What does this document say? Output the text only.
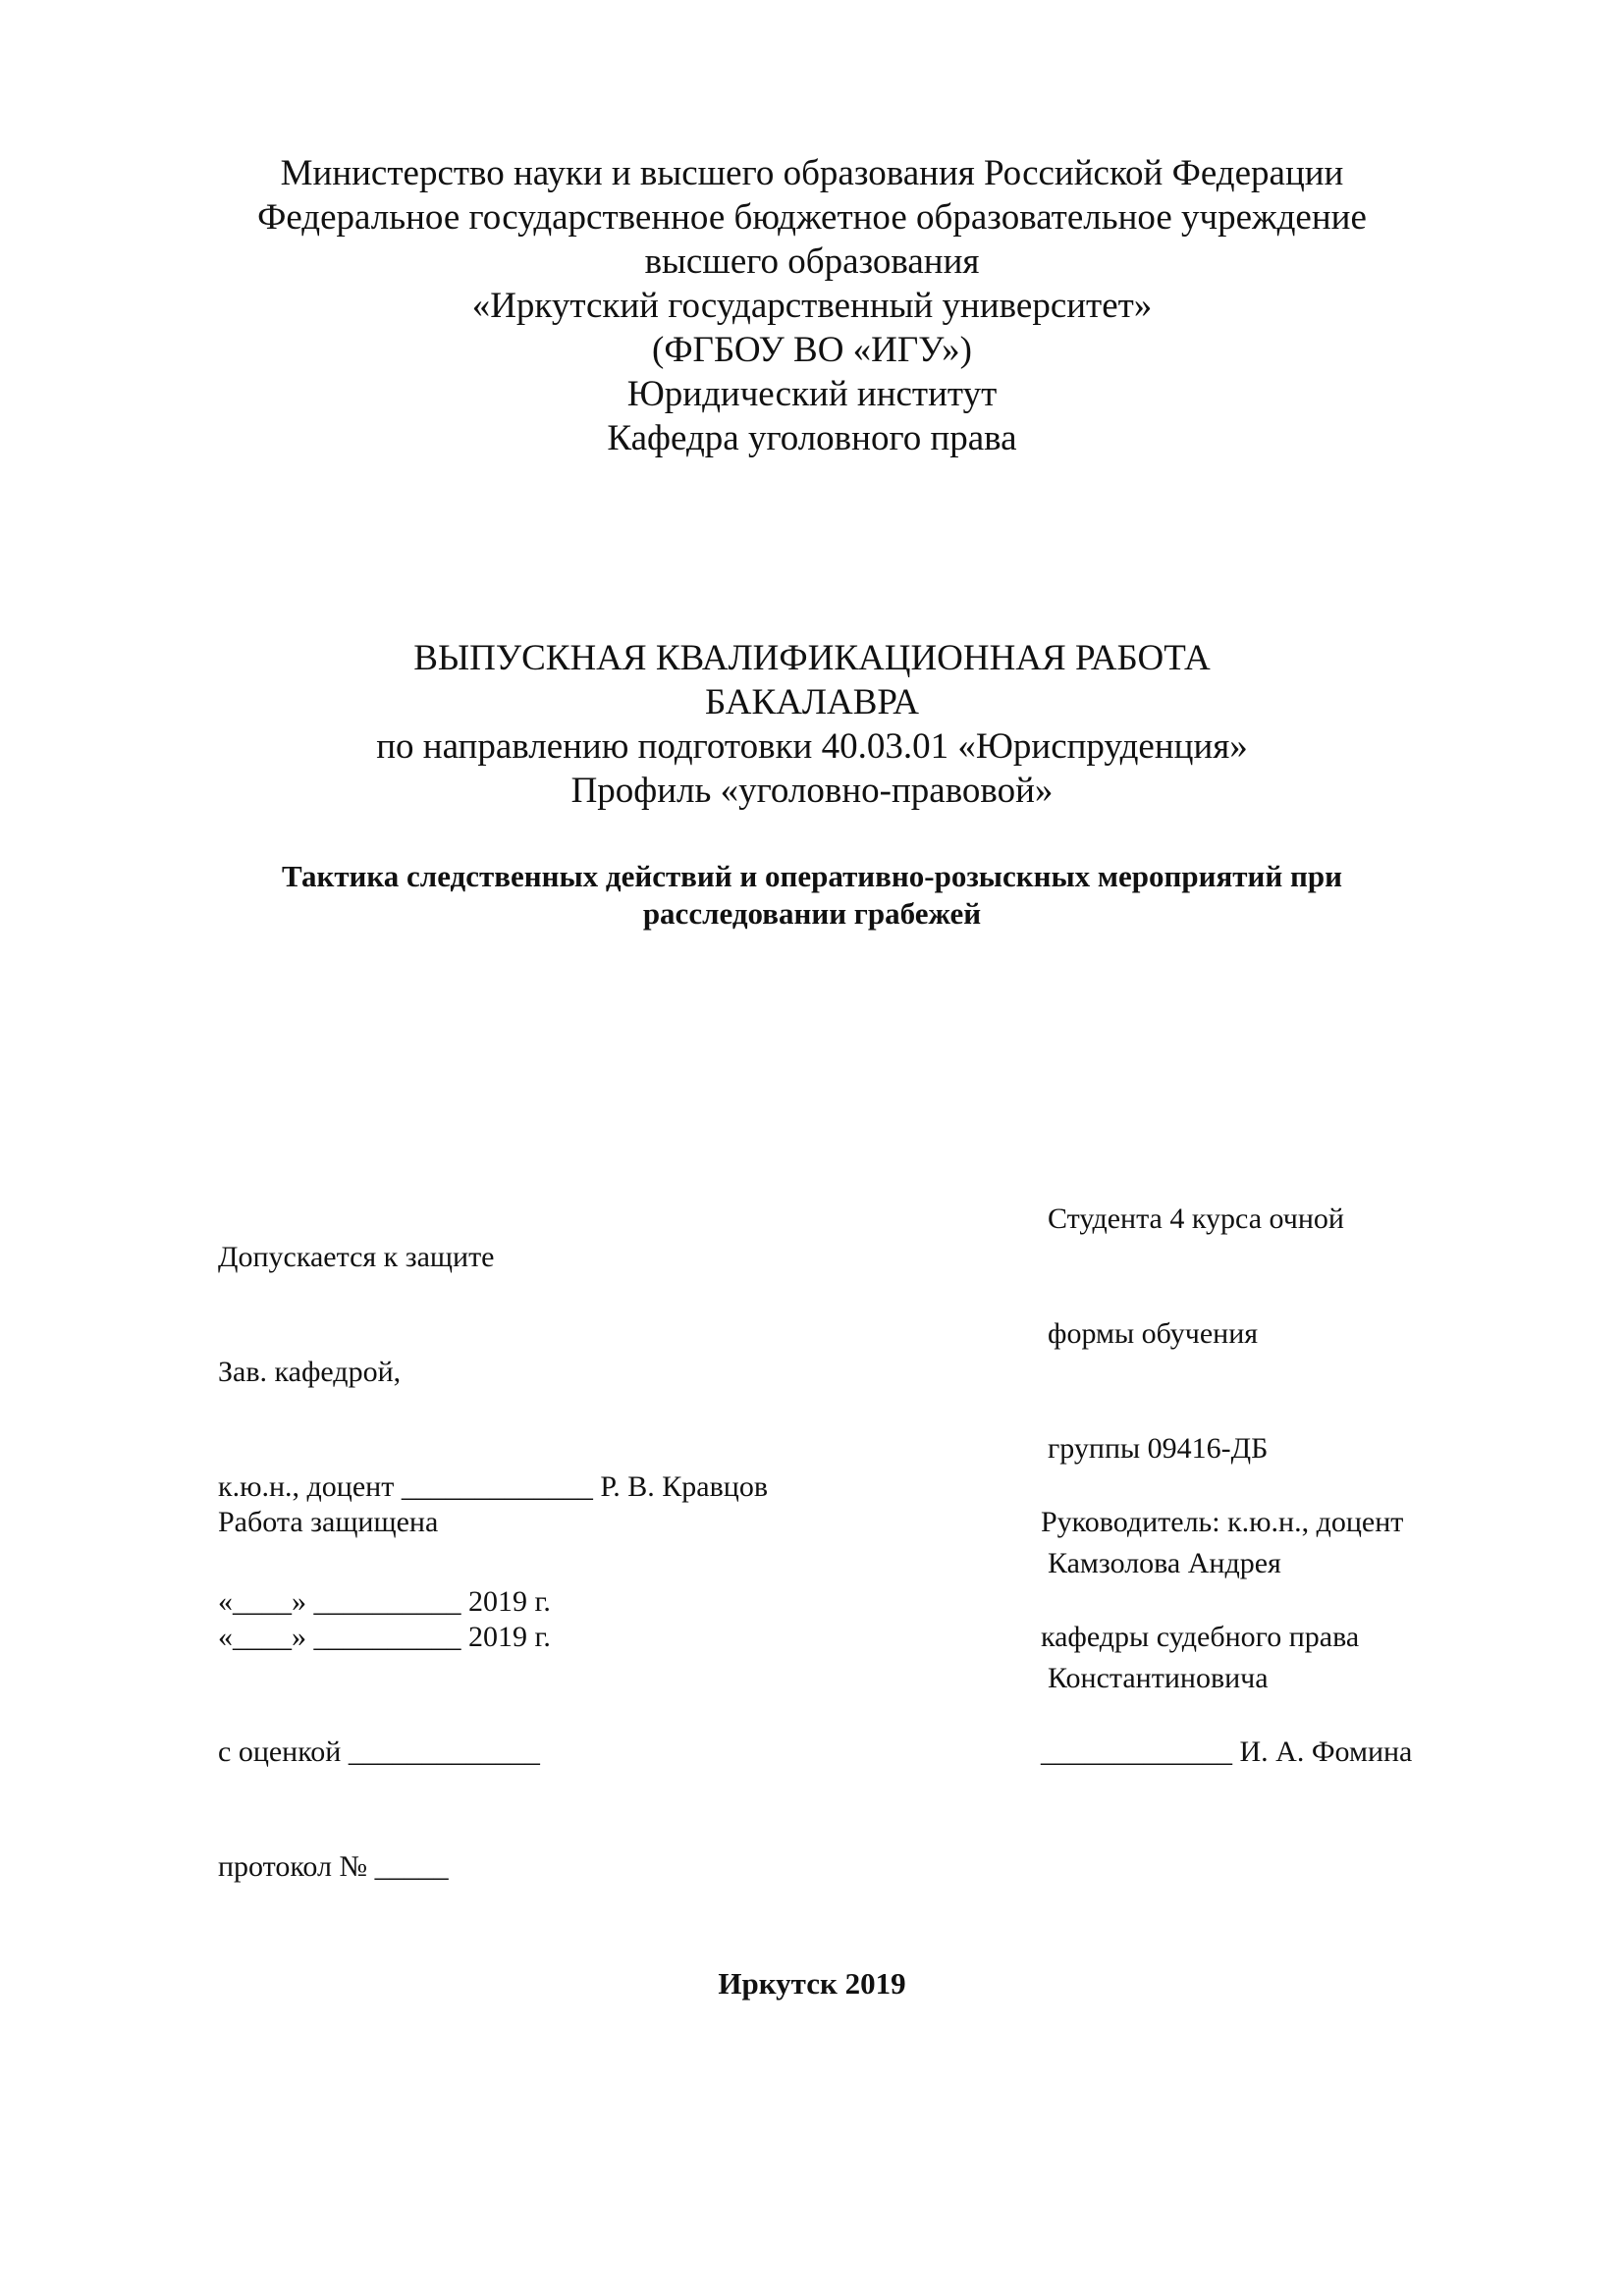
Министерство науки и высшего образования Российской Федерации
Федеральное государственное бюджетное образовательное учреждение
высшего образования
«Иркутский государственный университет»
(ФГБОУ ВО «ИГУ»)
Юридический институт
Кафедра уголовного права
ВЫПУСКНАЯ КВАЛИФИКАЦИОННАЯ РАБОТА
БАКАЛАВРА
по направлению подготовки 40.03.01 «Юриспруденция»
Профиль «уголовно-правовой»
Тактика следственных действий и оперативно-розыскных мероприятий при
расследовании грабежей

Допускается к защите

Зав. кафедрой,

к.ю.н., доцент _____________ Р. В. Кравцов

«____» __________ 2019 г.

Студента 4 курса очной

формы обучения

группы 09416-ДБ

Камзолова Андрея

Константиновича

Работа защищена

«____» __________ 2019 г.

с оценкой _____________

протокол № _____

Руководитель: к.ю.н., доцент

кафедры судебного права

_____________ И. А. Фомина

Иркутск 2019
